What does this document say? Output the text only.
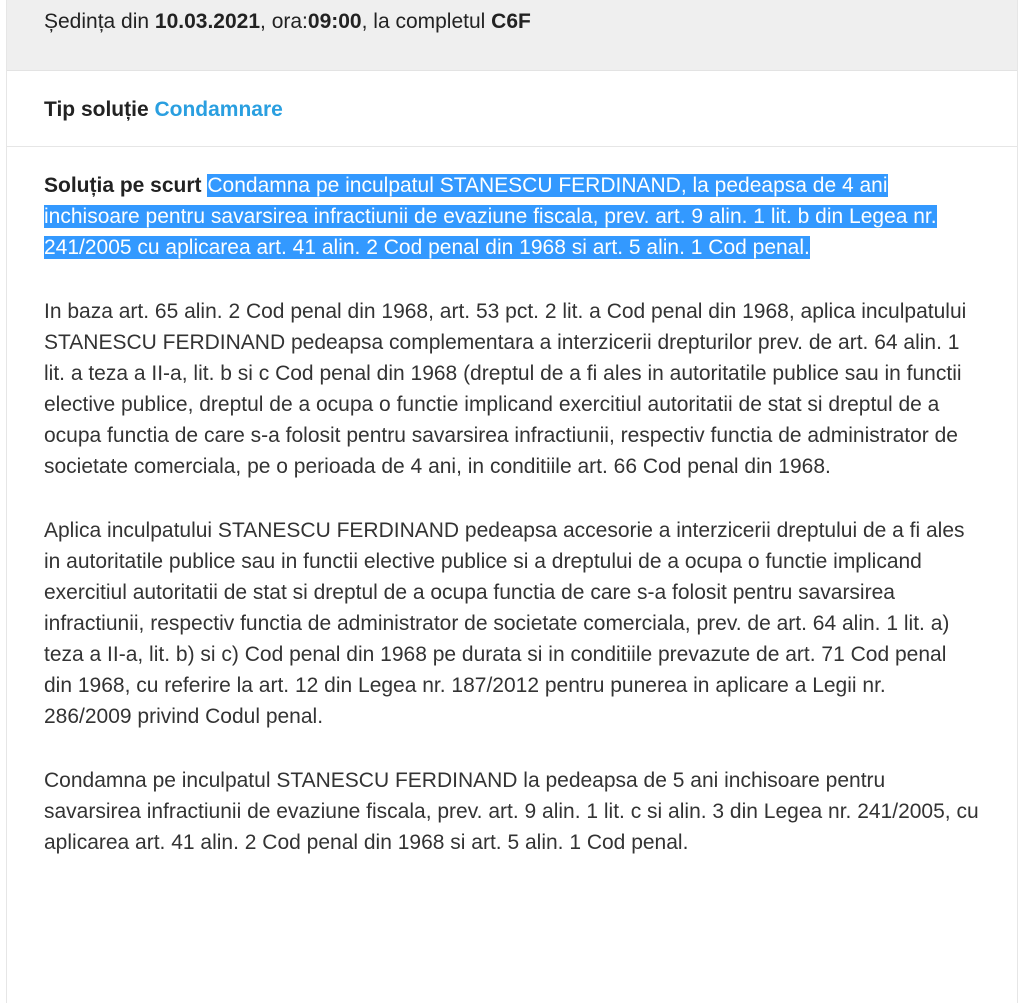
Ședința din 10.03.2021, ora:09:00, la completul C6F
Tip soluție Condamnare

Soluția pe scurt Condamna pe inculpatul STANESCU FERDINAND, la pedeapsa de 4 ani inchisoare pentru savarsirea infractiunii de evaziune fiscala, prev. art. 9 alin. 1 lit. b din Legea nr. 241/2005 cu aplicarea art. 41 alin. 2 Cod penal din 1968 si art. 5 alin. 1 Cod penal.

In baza art. 65 alin. 2 Cod penal din 1968, art. 53 pct. 2 lit. a Cod penal din 1968, aplica inculpatului STANESCU FERDINAND pedeapsa complementara a interzicerii drepturilor prev. de art. 64 alin. 1 lit. a teza a II-a, lit. b si c Cod penal din 1968 (dreptul de a fi ales in autoritatile publice sau in functii elective publice, dreptul de a ocupa o functie implicand exercitiul autoritatii de stat si dreptul de a ocupa functia de care s-a folosit pentru savarsirea infractiunii, respectiv functia de administrator de societate comerciala, pe o perioada de 4 ani, in conditiile art. 66 Cod penal din 1968.

Aplica inculpatului STANESCU FERDINAND pedeapsa accesorie a interzicerii dreptului de a fi ales in autoritatile publice sau in functii elective publice si a dreptului de a ocupa o functie implicand exercitiul autoritatii de stat si dreptul de a ocupa functia de care s-a folosit pentru savarsirea infractiunii, respectiv functia de administrator de societate comerciala, prev. de art. 64 alin. 1 lit. a) teza a II-a, lit. b) si c) Cod penal din 1968 pe durata si in conditiile prevazute de art. 71 Cod penal din 1968, cu referire la art. 12 din Legea nr. 187/2012 pentru punerea in aplicare a Legii nr. 286/2009 privind Codul penal.

Condamna pe inculpatul STANESCU FERDINAND la pedeapsa de 5 ani inchisoare pentru savarsirea infractiunii de evaziune fiscala, prev. art. 9 alin. 1 lit. c si alin. 3 din Legea nr. 241/2005, cu aplicarea art. 41 alin. 2 Cod penal din 1968 si art. 5 alin. 1 Cod penal.
